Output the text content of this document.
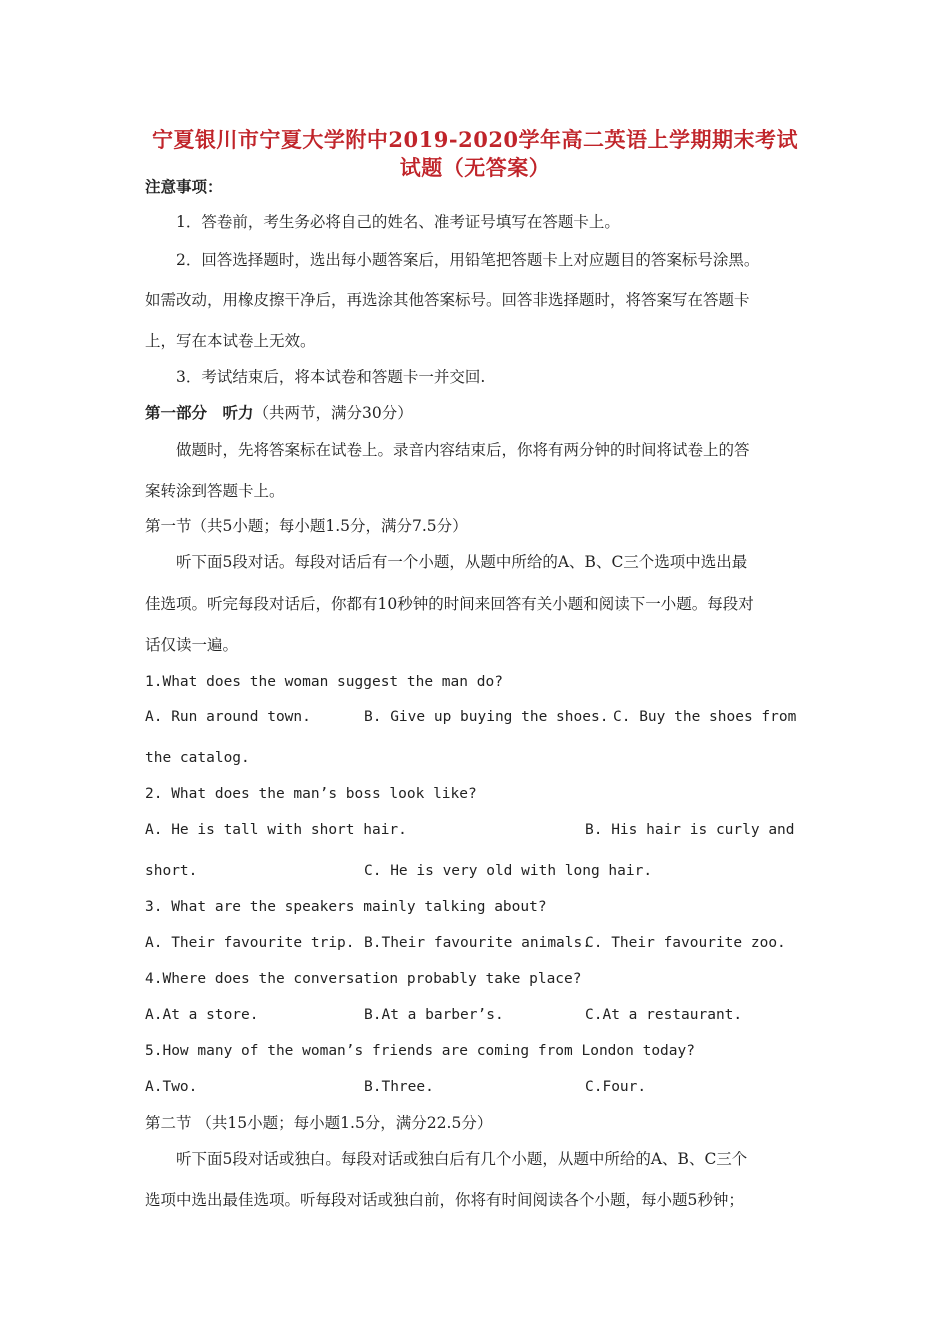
宁夏银川市宁夏大学附中2019-2020学年高二英语上学期期末考试
试题（无答案）
注意事项：
1．答卷前，考生务必将自己的姓名、准考证号填写在答题卡上。
2．回答选择题时，选出每小题答案后，用铅笔把答题卡上对应题目的答案标号涂黑。
如需改动，用橡皮擦干净后，再选涂其他答案标号。回答非选择题时，将答案写在答题卡
上，写在本试卷上无效。
3．考试结束后，将本试卷和答题卡一并交回.
第一部分　听力（共两节，满分30分）
做题时，先将答案标在试卷上。录音内容结束后，你将有两分钟的时间将试卷上的答
案转涂到答题卡上。
第一节（共5小题；每小题1.5分，满分7.5分）
听下面5段对话。每段对话后有一个小题，从题中所给的A、B、C三个选项中选出最
佳选项。听完每段对话后，你都有10秒钟的时间来回答有关小题和阅读下一小题。每段对
话仅读一遍。
1.What does the woman suggest the man do?
A. Run around town.	B. Give up buying the shoes. C. Buy the shoes from
the catalog.
2. What does the man’s boss look like?
A. He is tall with short hair.	B. His hair is curly and
short.	C. He is very old with long hair.
3. What are the speakers mainly talking about?
A. Their favourite trip. B.Their favourite animals.
C. Their favourite zoo.
4.Where does the conversation probably take place?
A.At a store.	B.At a barber’s.	C.At a restaurant.
5.How many of the woman’s friends are coming from London today?
A.Two.	B.Three.	C.Four.
第二节 （共15小题；每小题1.5分，满分22.5分）
听下面5段对话或独白。每段对话或独白后有几个小题，从题中所给的A、B、C三个
选项中选出最佳选项。听每段对话或独白前，你将有时间阅读各个小题，每小题5秒钟；
